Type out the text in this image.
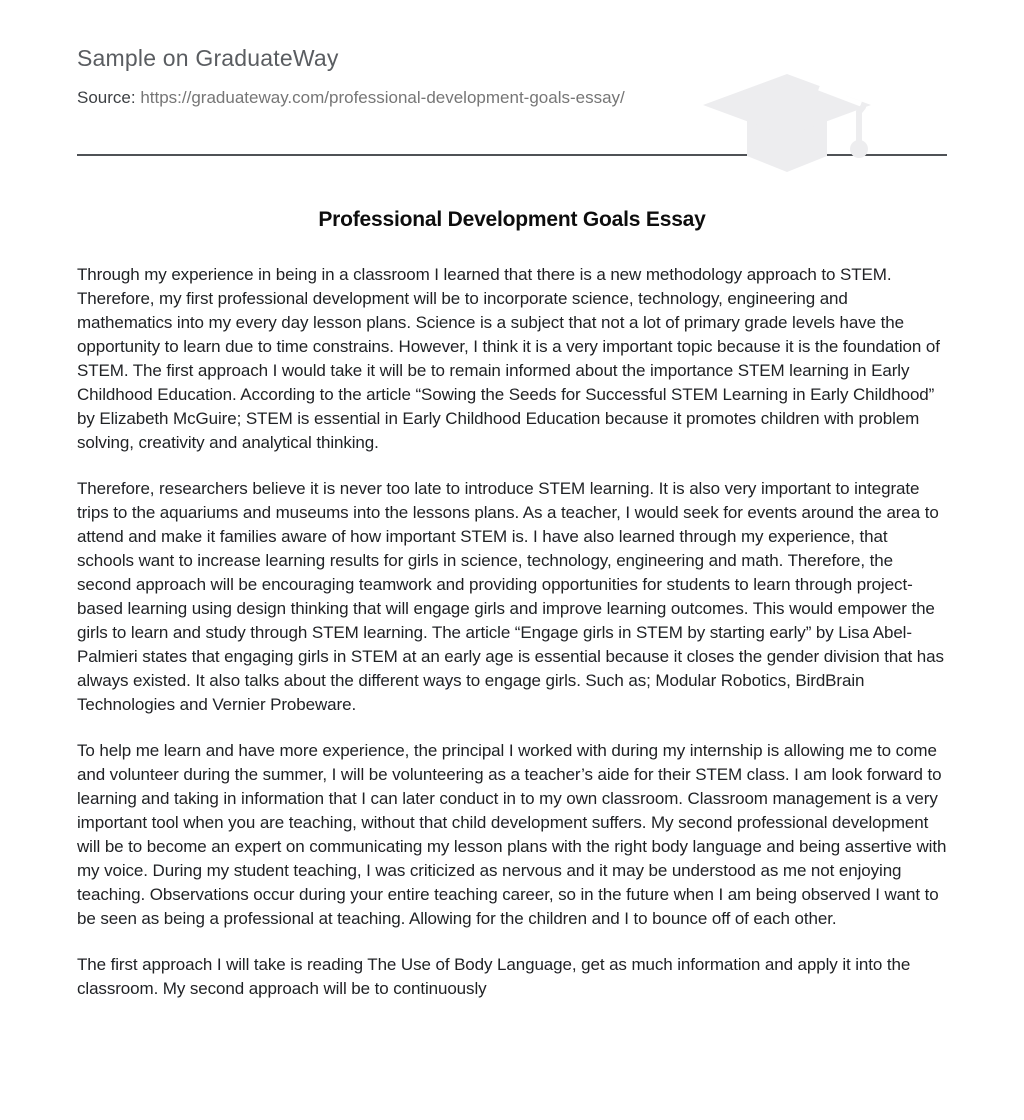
Sample on GraduateWay
Source: https://graduateway.com/professional-development-goals-essay/
Professional Development Goals Essay

Through my experience in being in a classroom I learned that there is a new methodology approach to STEM. Therefore, my first professional development will be to incorporate science, technology, engineering and mathematics into my every day lesson plans. Science is a subject that not a lot of primary grade levels have the opportunity to learn due to time constrains. However, I think it is a very important topic because it is the foundation of STEM. The first approach I would take it will be to remain informed about the importance STEM learning in Early Childhood Education. According to the article “Sowing the Seeds for Successful STEM Learning in Early Childhood” by Elizabeth McGuire; STEM is essential in Early Childhood Education because it promotes children with problem solving, creativity and analytical thinking.

Therefore, researchers believe it is never too late to introduce STEM learning. It is also very important to integrate trips to the aquariums and museums into the lessons plans. As a teacher, I would seek for events around the area to attend and make it families aware of how important STEM is. I have also learned through my experience, that schools want to increase learning results for girls in science, technology, engineering and math. Therefore, the second approach will be encouraging teamwork and providing opportunities for students to learn through project-based learning using design thinking that will engage girls and improve learning outcomes. This would empower the girls to learn and study through STEM learning. The article “Engage girls in STEM by starting early” by Lisa Abel-Palmieri states that engaging girls in STEM at an early age is essential because it closes the gender division that has always existed. It also talks about the different ways to engage girls. Such as; Modular Robotics, BirdBrain Technologies and Vernier Probeware.

To help me learn and have more experience, the principal I worked with during my internship is allowing me to come and volunteer during the summer, I will be volunteering as a teacher’s aide for their STEM class. I am look forward to learning and taking in information that I can later conduct in to my own classroom. Classroom management is a very important tool when you are teaching, without that child development suffers. My second professional development will be to become an expert on communicating my lesson plans with the right body language and being assertive with my voice. During my student teaching, I was criticized as nervous and it may be understood as me not enjoying teaching. Observations occur during your entire teaching career, so in the future when I am being observed I want to be seen as being a professional at teaching. Allowing for the children and I to bounce off of each other.

The first approach I will take is reading The Use of Body Language, get as much information and apply it into the classroom. My second approach will be to continuously
